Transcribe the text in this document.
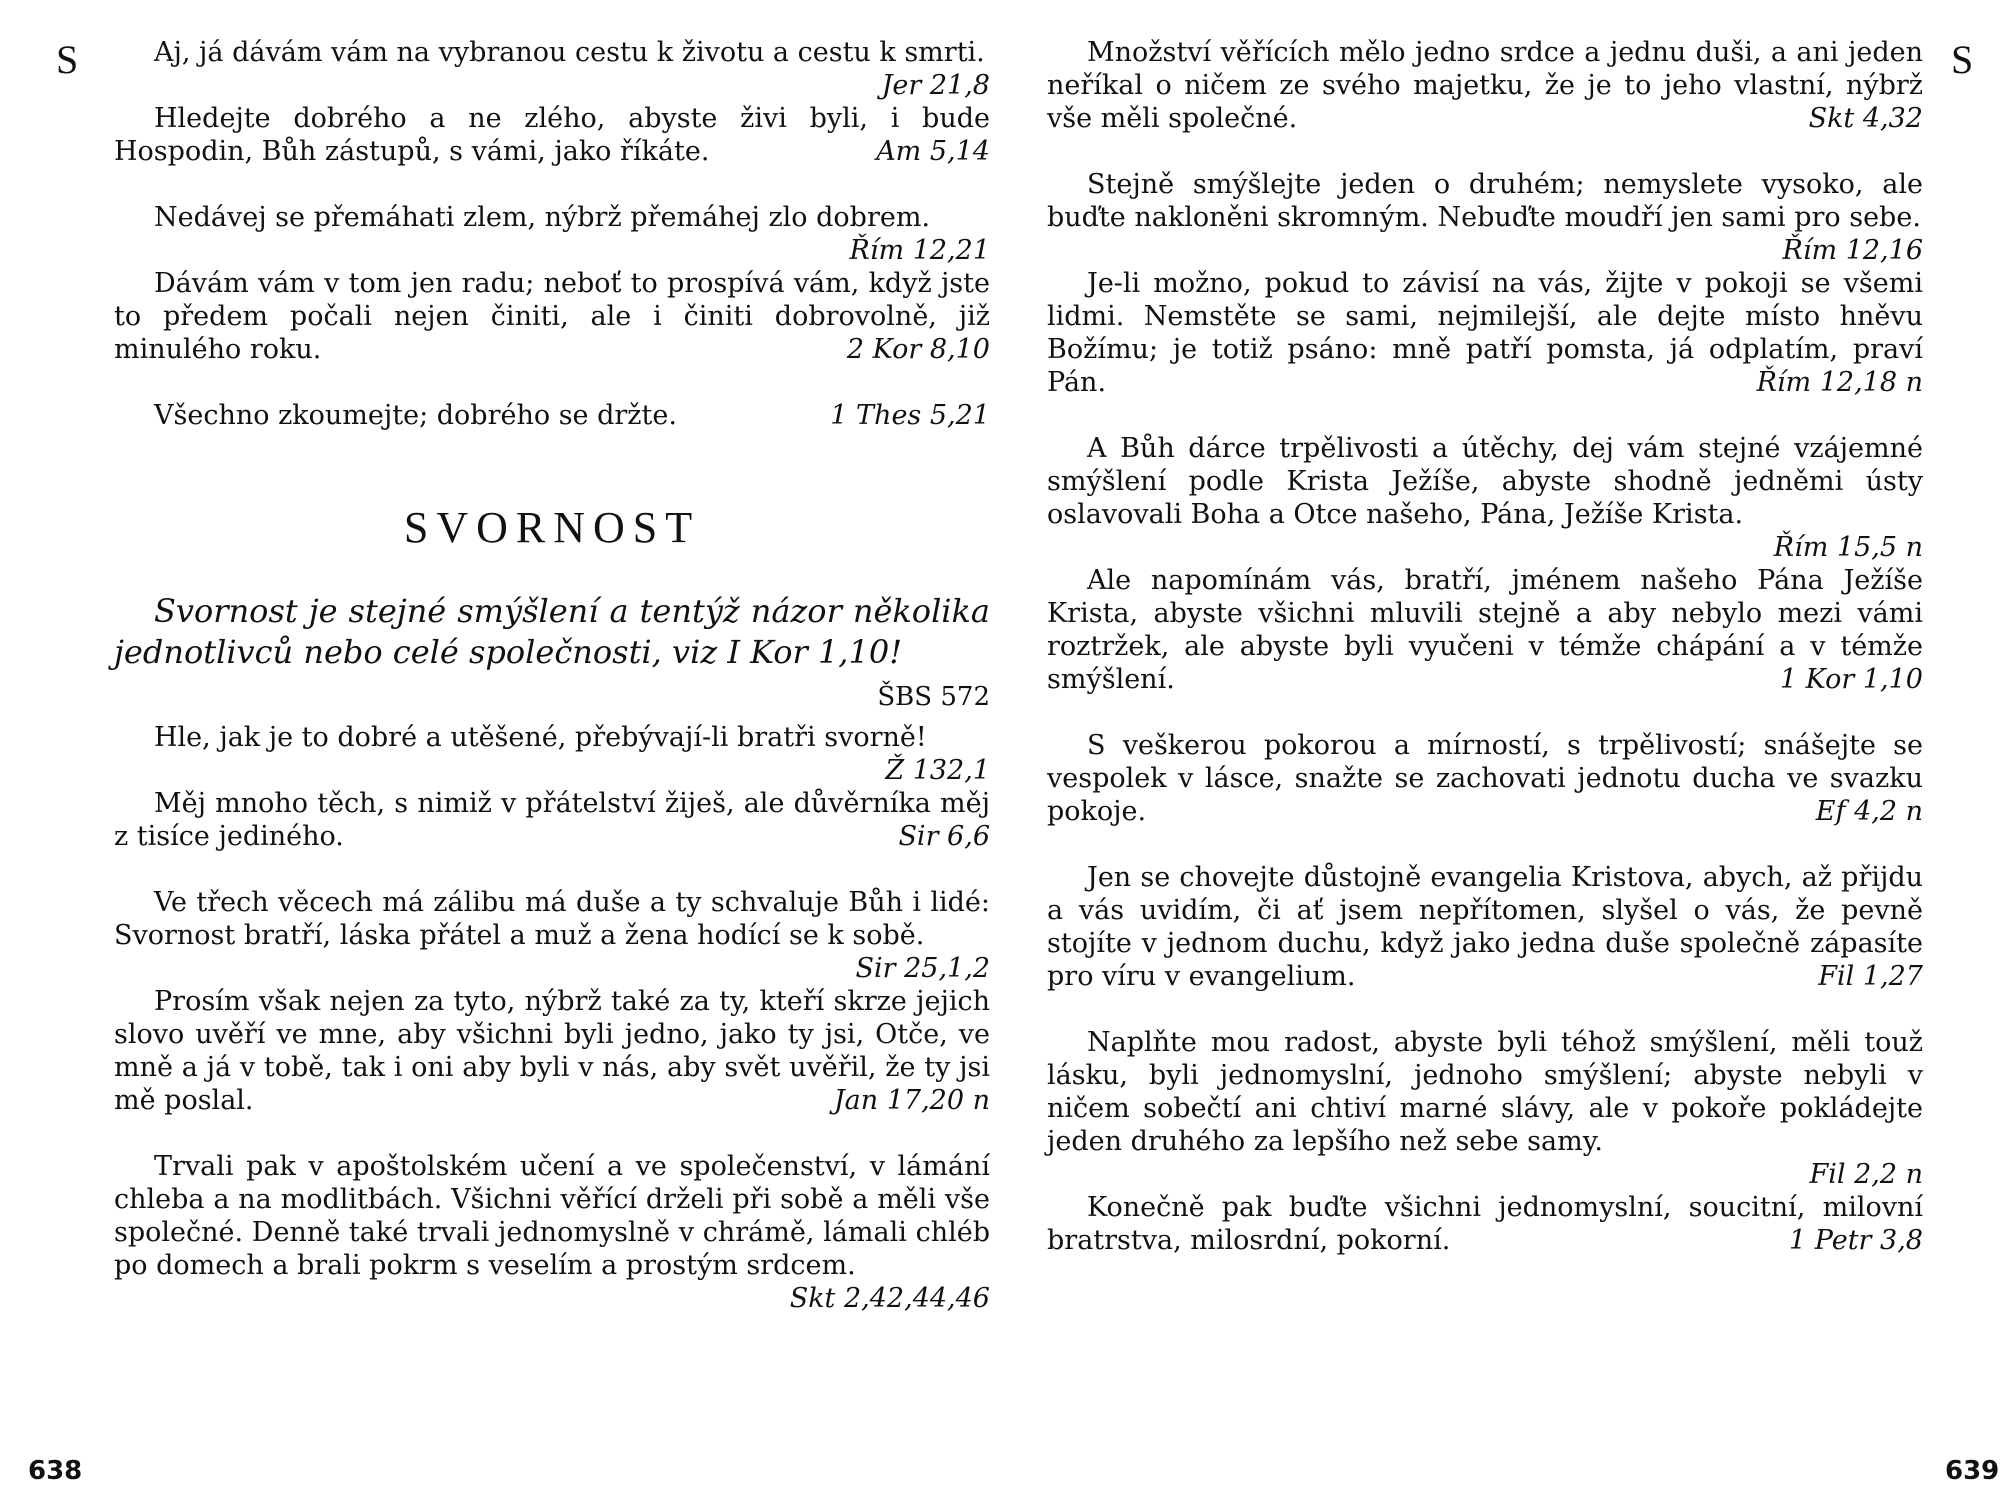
S	Aj, já dávám vám na vybranou cestu k životu a cestu k smrti.
Jer 21,8
Hledejte dobrého a ne zlého, abyste živi byli, i bude Hospodin, Bůh zástupů, s vámi, jako říkáte.	Am 5,14
Nedávej se přemáhati zlem, nýbrž přemáhej zlo dobrem.
Řím 12,21
Dávám vám v tom jen radu; neboť to prospívá vám, když jste to předem počali nejen činiti, ale i činiti dobrovolně, již minulého roku.	2 Kor 8,10
Všechno zkoumejte; dobrého se držte.	1 Thes 5,21
SVORNOST
Svornost je stejné smýšlení a tentýž názor několika jednotlivců nebo celé společnosti, viz I Kor 1,10!
ŠBS 572
Hle, jak je to dobré a utěšené, přebývají-li bratři svorně!
Ž 132,1
Měj mnoho těch, s nimiž v přátelství žiješ, ale důvěrníka měj z tisíce jediného.	Sir 6,6
Ve třech věcech má zálibu má duše a ty schvaluje Bůh i lidé: Svornost bratří, láska přátel a muž a žena hodící se k sobě.
Sir 25,1,2
Prosím však nejen za tyto, nýbrž také za ty, kteří skrze jejich slovo uvěří ve mne, aby všichni byli jedno, jako ty jsi, Otče, ve mně a já v tobě, tak i oni aby byli v nás, aby svět uvěřil, že ty jsi mě poslal.	Jan 17,20 n
Trvali pak v apoštolském učení a ve společenství, v lámání chleba a na modlitbách. Všichni věřící drželi při sobě a měli vše společné. Denně také trvali jednomyslně v chrámě, lámali chléb po domech a brali pokrm s veselím a prostým srdcem.
Skt 2,42,44,46
638
Množství věřících mělo jedno srdce a jednu duši, a ani jeden neříkal o ničem ze svého majetku, že je to jeho vlastní, nýbrž vše měli společné.	Skt 4,32
Stejně smýšlejte jeden o druhém; nemyslete vysoko, ale buďte nakloněni skromným. Nebuďte moudří jen sami pro sebe.
Řím 12,16
Je-li možno, pokud to závisí na vás, žijte v pokoji se všemi lidmi. Nemstěte se sami, nejmilejší, ale dejte místo hněvu Božímu; je totiž psáno: mně patří pomsta, já odplatím, praví Pán.	Řím 12,18 n
A Bůh dárce trpělivosti a útěchy, dej vám stejné vzájemné smýšlení podle Krista Ježíše, abyste shodně jedněmi ústy oslavovali Boha a Otce našeho, Pána, Ježíše Krista.
Řím 15,5 n
Ale napomínám vás, bratří, jménem našeho Pána Ježíše Krista, abyste všichni mluvili stejně a aby nebylo mezi vámi roztržek, ale abyste byli vyučeni v témže chápání a v témže smýšlení.	1 Kor 1,10
S veškerou pokorou a mírností, s trpělivostí; snášejte se vespolek v lásce, snažte se zachovati jednotu ducha ve svazku pokoje.	Ef 4,2 n
Jen se chovejte důstojně evangelia Kristova, abych, až přijdu a vás uvidím, či ať jsem nepřítomen, slyšel o vás, že pevně stojíte v jednom duchu, když jako jedna duše společně zápasíte pro víru v evangelium.	Fil 1,27
Naplňte mou radost, abyste byli téhož smýšlení, měli touž lásku, byli jednomyslní, jednoho smýšlení; abyste nebyli v ničem sobečtí ani chtiví marné slávy, ale v pokoře pokládejte jeden druhého za lepšího než sebe samy.
Fil 2,2 n
Konečně pak buďte všichni jednomyslní, soucitní, milovní bratrstva, milosrdní, pokorní.	1 Petr 3,8
S
639
